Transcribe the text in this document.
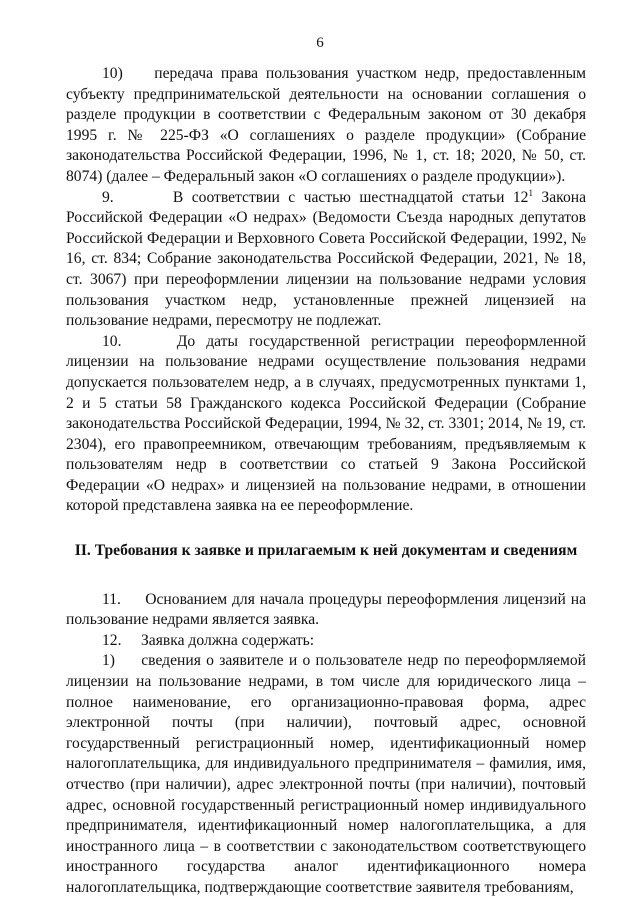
6

10)    передача права пользования участком недр, предоставленным субъекту предпринимательской деятельности на основании соглашения о разделе продукции в соответствии с Федеральным законом от 30 декабря 1995 г. № 225-ФЗ «О соглашениях о разделе продукции» (Собрание законодательства Российской Федерации, 1996, № 1, ст. 18; 2020, № 50, ст. 8074) (далее – Федеральный закон «О соглашениях о разделе продукции»).

9.       В соответствии с частью шестнадцатой статьи $12^1$ Закона Российской Федерации «О недрах» (Ведомости Съезда народных депутатов Российской Федерации и Верховного Совета Российской Федерации, 1992, № 16, ст. 834; Собрание законодательства Российской Федерации, 2021, № 18, ст. 3067) при переоформлении лицензии на пользование недрами условия пользования участком недр, установленные прежней лицензией на пользование недрами, пересмотру не подлежат.

10.     До даты государственной регистрации переоформленной лицензии на пользование недрами осуществление пользования недрами допускается пользователем недр, а в случаях, предусмотренных пунктами 1, 2 и 5 статьи 58 Гражданского кодекса Российской Федерации (Собрание законодательства Российской Федерации, 1994, № 32, ст. 3301; 2014, № 19, ст. 2304), его правопреемником, отвечающим требованиям, предъявляемым к пользователям недр в соответствии со статьей 9 Закона Российской Федерации «О недрах» и лицензией на пользование недрами, в отношении которой представлена заявка на ее переоформление.

II. Требования к заявке и прилагаемым к ней документам и сведениям

11.     Основанием для начала процедуры переоформления лицензий на пользование недрами является заявка.

12.     Заявка должна содержать:

1)     сведения о заявителе и о пользователе недр по переоформляемой лицензии на пользование недрами, в том числе для юридического лица – полное наименование, его организационно-правовая форма, адрес электронной почты (при наличии), почтовый адрес, основной государственный регистрационный номер, идентификационный номер налогоплательщика, для индивидуального предпринимателя – фамилия, имя, отчество (при наличии), адрес электронной почты (при наличии), почтовый адрес, основной государственный регистрационный номер индивидуального предпринимателя, идентификационный номер налогоплательщика, а для иностранного лица – в соответствии с законодательством соответствующего иностранного государства аналог идентификационного номера налогоплательщика, подтверждающие соответствие заявителя требованиям,
